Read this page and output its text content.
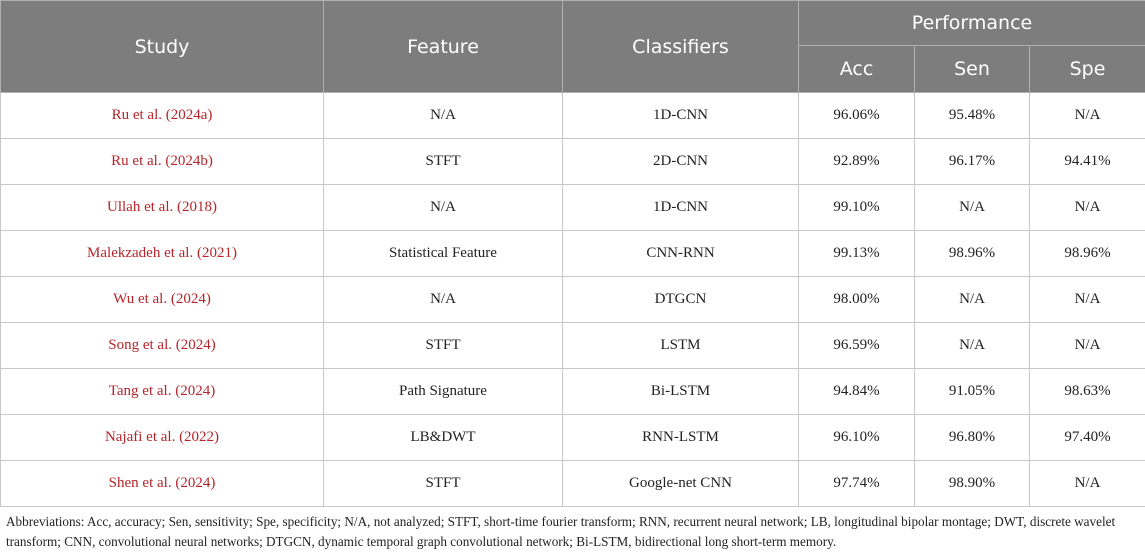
Study	Feature	Classifiers	Performance		
			Acc	Sen	Spe
Ru et al. (2024a)	N/A	1D-CNN	96.06%	95.48%	N/A
Ru et al. (2024b)	STFT	2D-CNN	92.89%	96.17%	94.41%
Ullah et al. (2018)	N/A	1D-CNN	99.10%	N/A	N/A
Malekzadeh et al. (2021)	Statistical Feature	CNN-RNN	99.13%	98.96%	98.96%
Wu et al. (2024)	N/A	DTGCN	98.00%	N/A	N/A
Song et al. (2024)	STFT	LSTM	96.59%	N/A	N/A
Tang et al. (2024)	Path Signature	Bi-LSTM	94.84%	91.05%	98.63%
Najafi et al. (2022)	LB&DWT	RNN-LSTM	96.10%	96.80%	97.40%
Shen et al. (2024)	STFT	Google-net CNN	97.74%	98.90%	N/A
Abbreviations: Acc, accuracy; Sen, sensitivity; Spe, specificity; N/A, not analyzed; STFT, short-time fourier transform; RNN, recurrent neural network; LB, longitudinal bipolar montage; DWT, discrete wavelet transform; CNN, convolutional neural networks; DTGCN, dynamic temporal graph convolutional network; Bi-LSTM, bidirectional long short-term memory.
